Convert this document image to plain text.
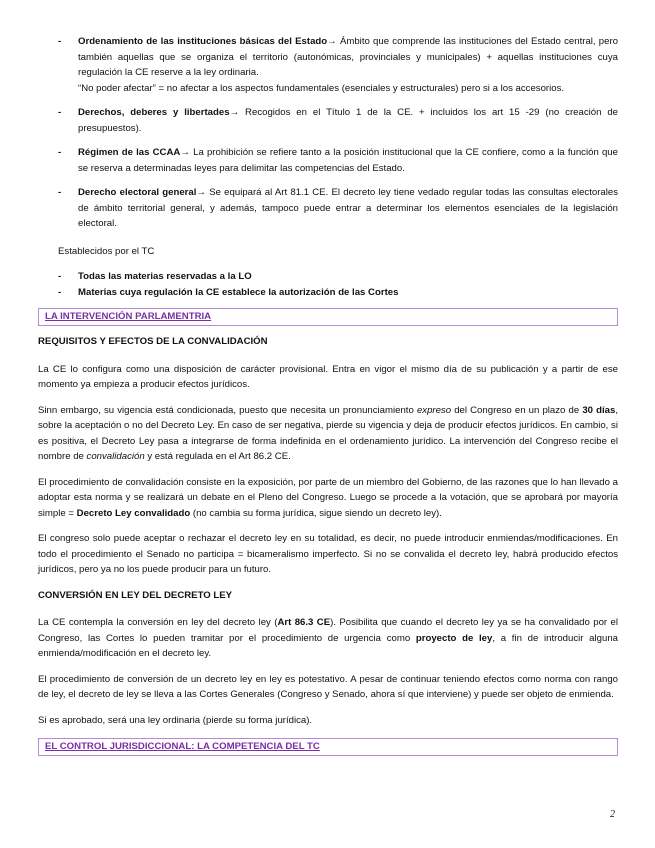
- Ordenamiento de las instituciones básicas del Estado→ Ámbito que comprende las instituciones del Estado central, pero también aquellas que se organiza el territorio (autonómicas, provinciales y municipales) + aquellas instituciones cuya regulación la CE reserve a la ley ordinaria.
“No poder afectar” = no afectar a los aspectos fundamentales (esenciales y estructurales) pero si a los accesorios.
- Derechos, deberes y libertades→ Recogidos en el Título 1 de la CE. + incluidos los art 15 -29 (no creación de presupuestos).
- Régimen de las CCAA→ La prohibición se refiere tanto a la posición institucional que la CE confiere, como a la función que se reserva a determinadas leyes para delimitar las competencias del Estado.
- Derecho electoral general→ Se equipará al Art 81.1 CE. El decreto ley tiene vedado regular todas las consultas electorales de ámbito territorial general, y además, tampoco puede entrar a determinar los elementos esenciales de la legislación electoral.

Establecidos por el TC

- Todas las materias reservadas a la LO
- Materias cuya regulación la CE establece la autorización de las Cortes
LA INTERVENCIÓN PARLAMENTRIA
REQUISITOS Y EFECTOS DE LA CONVALIDACIÓN

La CE lo configura como una disposición de carácter provisional. Entra en vigor el mismo día de su publicación y a partir de ese momento ya empieza a producir efectos jurídicos.

Sinn embargo, su vigencia está condicionada, puesto que necesita un pronunciamiento expreso del Congreso en un plazo de 30 días, sobre la aceptación o no del Decreto Ley. En caso de ser negativa, pierde su vigencia y deja de producir efectos jurídicos. En cambio, si es positiva, el Decreto Ley pasa a integrarse de forma indefinida en el ordenamiento jurídico. La intervención del Congreso recibe el nombre de convalidación y está regulada en el Art 86.2 CE.

El procedimiento de convalidación consiste en la exposición, por parte de un miembro del Gobierno, de las razones que lo han llevado a adoptar esta norma y se realizará un debate en el Pleno del Congreso. Luego se procede a la votación, que se aprobará por mayoría simple = Decreto Ley convalidado (no cambia su forma jurídica, sigue siendo un decreto ley).

El congreso solo puede aceptar o rechazar el decreto ley en su totalidad, es decir, no puede introducir enmiendas/modificaciones. En todo el procedimiento el Senado no participa = bicameralismo imperfecto. Si no se convalida el decreto ley, habrá producido efectos jurídicos, pero ya no los puede producir para un futuro.

CONVERSIÓN EN LEY DEL DECRETO LEY

La CE contempla la conversión en ley del decreto ley (Art 86.3 CE). Posibilita que cuando el decreto ley ya se ha convalidado por el Congreso, las Cortes lo pueden tramitar por el procedimiento de urgencia como proyecto de ley, a fin de introducir alguna enmienda/modificación en el decreto ley.

El procedimiento de conversión de un decreto ley en ley es potestativo. A pesar de continuar teniendo efectos como norma con rango de ley, el decreto de ley se lleva a las Cortes Generales (Congreso y Senado, ahora sí que interviene) y puede ser objeto de enmienda.

Si es aprobado, será una ley ordinaria (pierde su forma jurídica).

EL CONTROL JURISDICCIONAL: LA COMPETENCIA DEL TC
2
